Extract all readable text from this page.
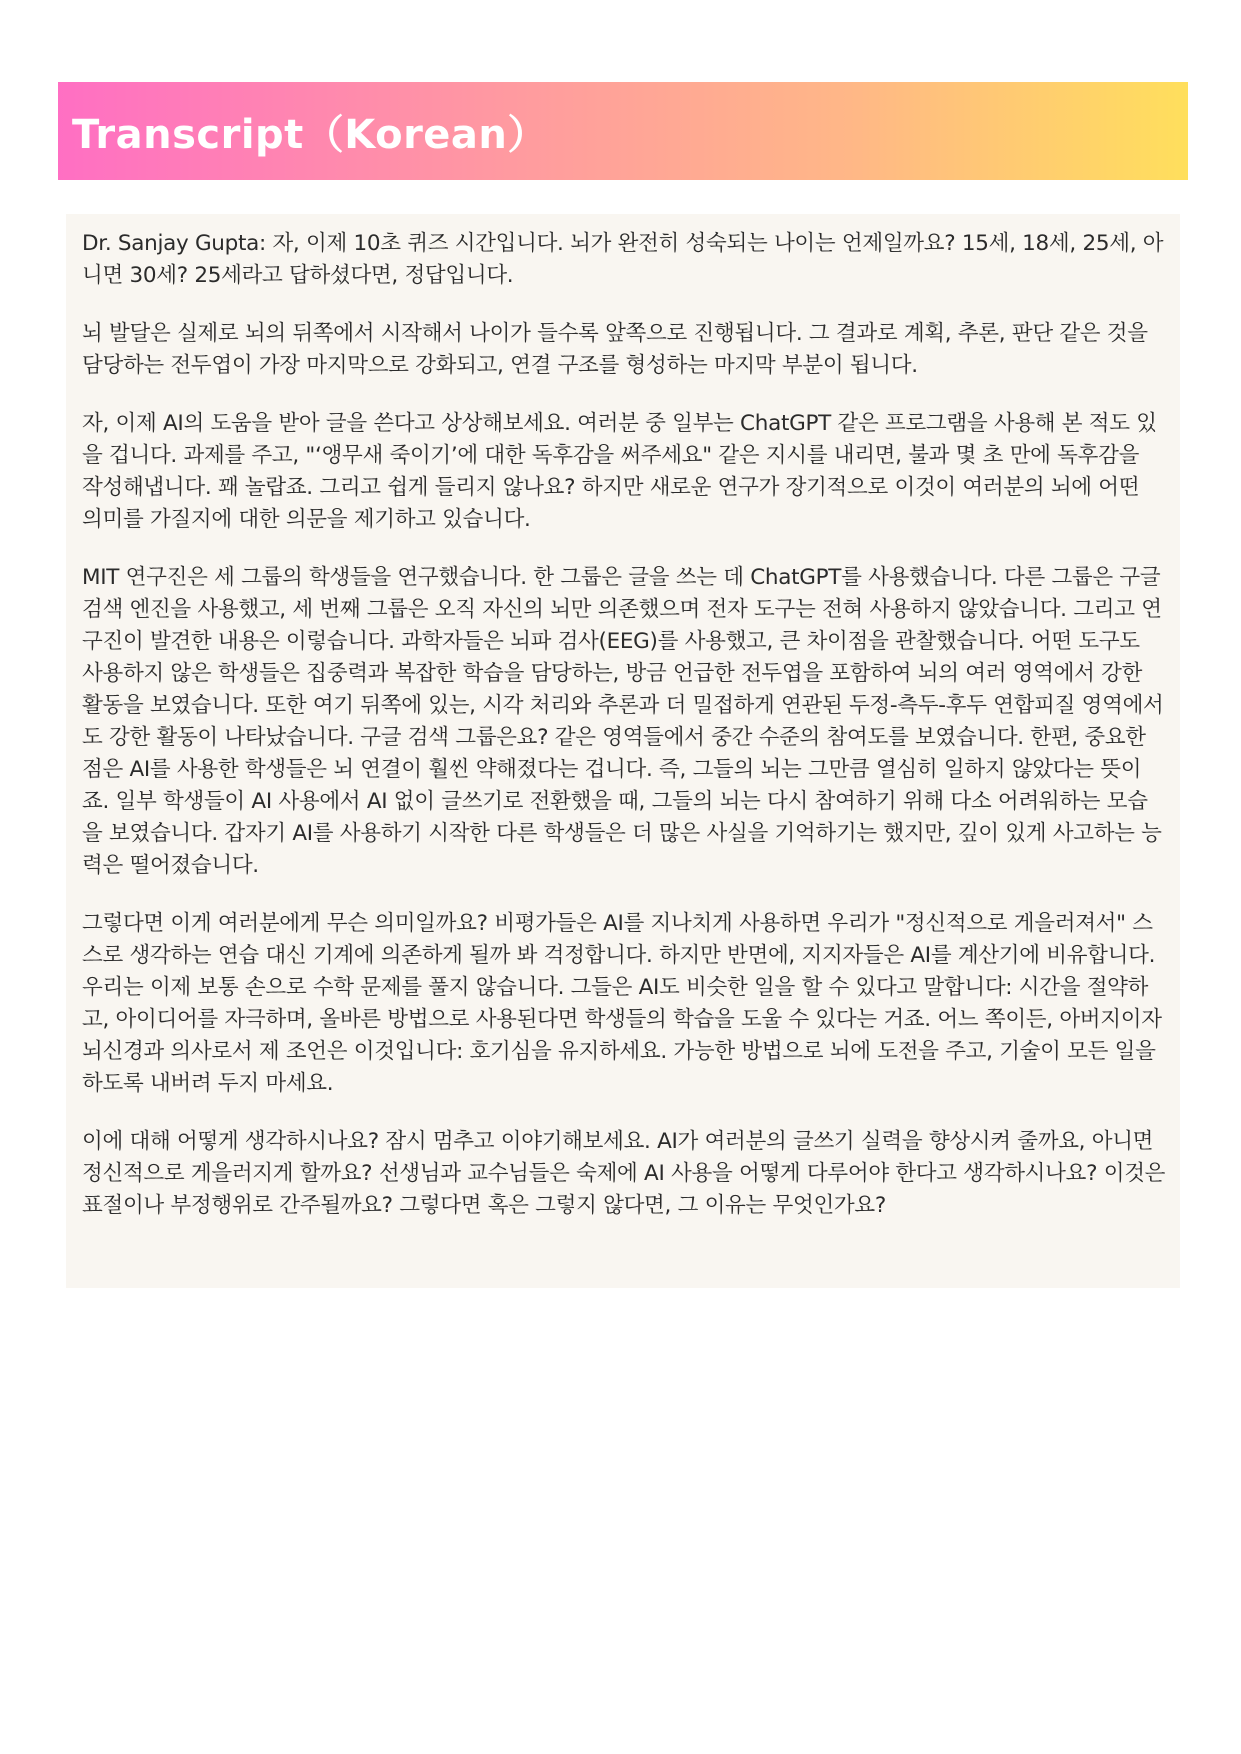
Transcript（Korean）

Dr. Sanjay Gupta: 자, 이제 10초 퀴즈 시간입니다. 뇌가 완전히 성숙되는 나이는 언제일까요? 15세, 18세, 25세, 아니면 30세? 25세라고 답하셨다면, 정답입니다.

뇌 발달은 실제로 뇌의 뒤쪽에서 시작해서 나이가 들수록 앞쪽으로 진행됩니다. 그 결과로 계획, 추론, 판단 같은 것을 담당하는 전두엽이 가장 마지막으로 강화되고, 연결 구조를 형성하는 마지막 부분이 됩니다.

자, 이제 AI의 도움을 받아 글을 쓴다고 상상해보세요. 여러분 중 일부는 ChatGPT 같은 프로그램을 사용해 본 적도 있을 겁니다. 과제를 주고, "‘앵무새 죽이기’에 대한 독후감을 써주세요" 같은 지시를 내리면, 불과 몇 초 만에 독후감을 작성해냅니다. 꽤 놀랍죠. 그리고 쉽게 들리지 않나요? 하지만 새로운 연구가 장기적으로 이것이 여러분의 뇌에 어떤 의미를 가질지에 대한 의문을 제기하고 있습니다.

MIT 연구진은 세 그룹의 학생들을 연구했습니다. 한 그룹은 글을 쓰는 데 ChatGPT를 사용했습니다. 다른 그룹은 구글 검색 엔진을 사용했고, 세 번째 그룹은 오직 자신의 뇌만 의존했으며 전자 도구는 전혀 사용하지 않았습니다. 그리고 연구진이 발견한 내용은 이렇습니다. 과학자들은 뇌파 검사(EEG)를 사용했고, 큰 차이점을 관찰했습니다. 어떤 도구도 사용하지 않은 학생들은 집중력과 복잡한 학습을 담당하는, 방금 언급한 전두엽을 포함하여 뇌의 여러 영역에서 강한 활동을 보였습니다. 또한 여기 뒤쪽에 있는, 시각 처리와 추론과 더 밀접하게 연관된 두정-측두-후두 연합피질 영역에서도 강한 활동이 나타났습니다. 구글 검색 그룹은요? 같은 영역들에서 중간 수준의 참여도를 보였습니다. 한편, 중요한 점은 AI를 사용한 학생들은 뇌 연결이 훨씬 약해졌다는 겁니다. 즉, 그들의 뇌는 그만큼 열심히 일하지 않았다는 뜻이죠. 일부 학생들이 AI 사용에서 AI 없이 글쓰기로 전환했을 때, 그들의 뇌는 다시 참여하기 위해 다소 어려워하는 모습을 보였습니다. 갑자기 AI를 사용하기 시작한 다른 학생들은 더 많은 사실을 기억하기는 했지만, 깊이 있게 사고하는 능력은 떨어졌습니다.

그렇다면 이게 여러분에게 무슨 의미일까요? 비평가들은 AI를 지나치게 사용하면 우리가 "정신적으로 게을러져서" 스스로 생각하는 연습 대신 기계에 의존하게 될까 봐 걱정합니다. 하지만 반면에, 지지자들은 AI를 계산기에 비유합니다. 우리는 이제 보통 손으로 수학 문제를 풀지 않습니다. 그들은 AI도 비슷한 일을 할 수 있다고 말합니다: 시간을 절약하고, 아이디어를 자극하며, 올바른 방법으로 사용된다면 학생들의 학습을 도울 수 있다는 거죠. 어느 쪽이든, 아버지이자 뇌신경과 의사로서 제 조언은 이것입니다: 호기심을 유지하세요. 가능한 방법으로 뇌에 도전을 주고, 기술이 모든 일을 하도록 내버려 두지 마세요.

이에 대해 어떻게 생각하시나요? 잠시 멈추고 이야기해보세요. AI가 여러분의 글쓰기 실력을 향상시켜 줄까요, 아니면 정신적으로 게을러지게 할까요? 선생님과 교수님들은 숙제에 AI 사용을 어떻게 다루어야 한다고 생각하시나요? 이것은 표절이나 부정행위로 간주될까요? 그렇다면 혹은 그렇지 않다면, 그 이유는 무엇인가요?
